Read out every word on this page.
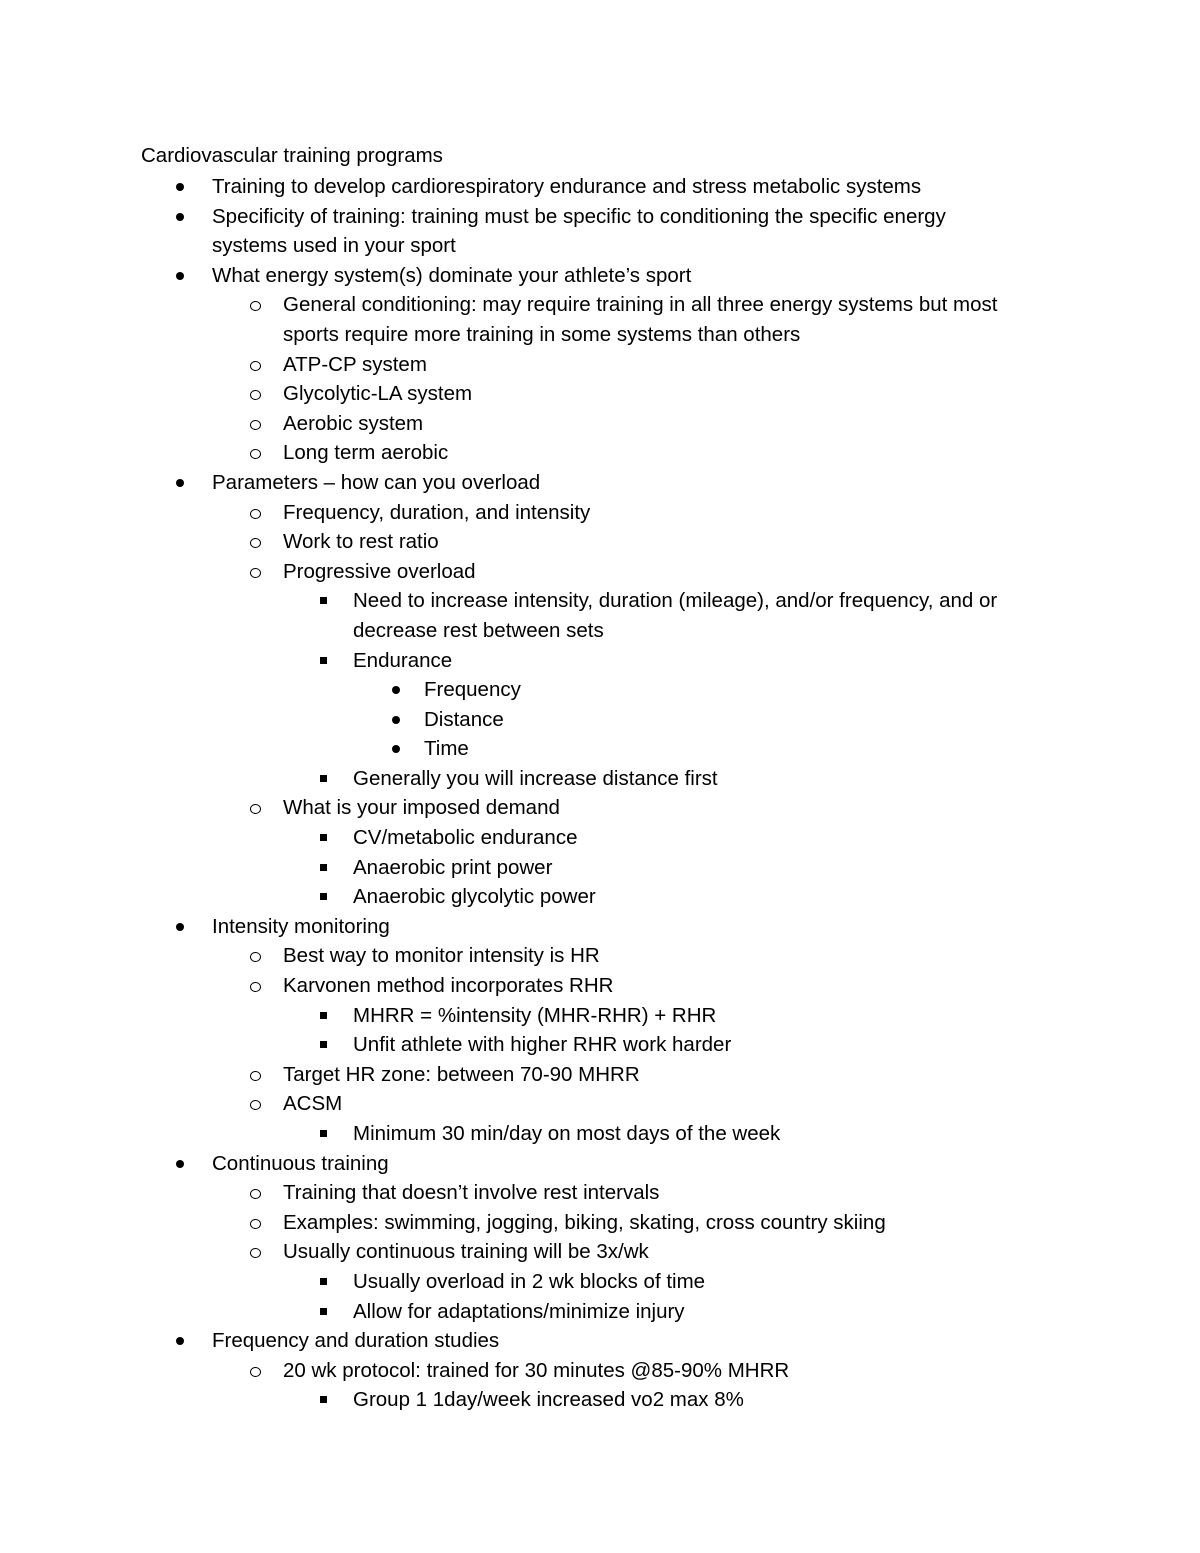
Cardiovascular training programs
Training to develop cardiorespiratory endurance and stress metabolic systems
Specificity of training: training must be specific to conditioning the specific energy
systems used in your sport
What energy system(s) dominate your athlete’s sport
General conditioning: may require training in all three energy systems but most
sports require more training in some systems than others
ATP-CP system
Glycolytic-LA system
Aerobic system
Long term aerobic
Parameters – how can you overload
Frequency, duration, and intensity
Work to rest ratio
Progressive overload
Need to increase intensity, duration (mileage), and/or frequency, and or
decrease rest between sets
Endurance
Frequency
Distance
Time
Generally you will increase distance first
What is your imposed demand
CV/metabolic endurance
Anaerobic print power
Anaerobic glycolytic power
Intensity monitoring
Best way to monitor intensity is HR
Karvonen method incorporates RHR
MHRR = %intensity (MHR-RHR) + RHR
Unfit athlete with higher RHR work harder
Target HR zone: between 70-90 MHRR
ACSM
Minimum 30 min/day on most days of the week
Continuous training
Training that doesn’t involve rest intervals
Examples: swimming, jogging, biking, skating, cross country skiing
Usually continuous training will be 3x/wk
Usually overload in 2 wk blocks of time
Allow for adaptations/minimize injury
Frequency and duration studies
20 wk protocol: trained for 30 minutes @85-90% MHRR
Group 1 1day/week increased vo2 max 8%
